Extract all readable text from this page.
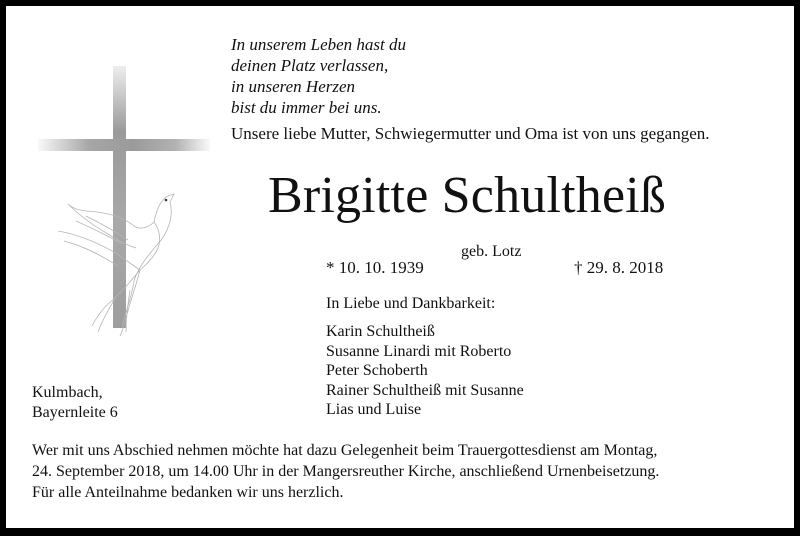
In unserem Leben hast du
deinen Platz verlassen,
in unseren Herzen
bist du immer bei uns.
Unsere liebe Mutter, Schwiegermutter und Oma ist von uns gegangen.
Brigitte Schultheiß
geb. Lotz
* 10. 10. 1939	† 29. 8. 2018
In Liebe und Dankbarkeit:
Karin Schultheiß
Susanne Linardi mit Roberto
Peter Schoberth
Rainer Schultheiß mit Susanne
Lias und Luise
Kulmbach,
Bayernleite 6
Wer mit uns Abschied nehmen möchte hat dazu Gelegenheit beim Trauergottesdienst am Montag,
24. September 2018, um 14.00 Uhr in der Mangersreuther Kirche, anschließend Urnenbeisetzung.
Für alle Anteilnahme bedanken wir uns herzlich.
